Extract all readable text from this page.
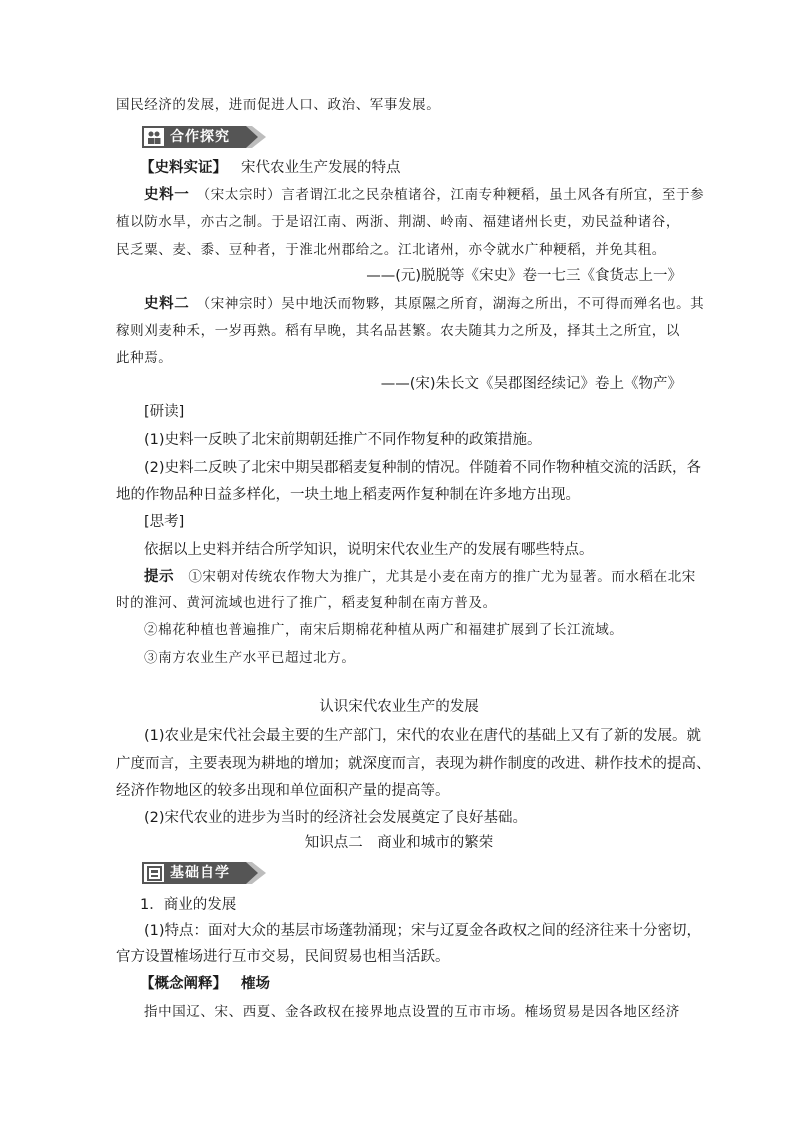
国民经济的发展，进而促进人口、政治、军事发展。
合作探究
【史料实证】 宋代农业生产发展的特点
史料一　 （宋太宗时）言者谓江北之民杂植诸谷，江南专种粳稻，虽土风各有所宜，至于参
植以防水旱，亦古之制。于是诏江南、两浙、荆湖、岭南、福建诸州长吏，劝民益种诸谷，
民乏粟、麦、黍、豆种者，于淮北州郡给之。江北诸州，亦令就水广种粳稻，并免其租。
——(元)脱脱等《宋史》卷一七三《食货志上一》
史料二　 （宋神宗时）吴中地沃而物夥，其原隰之所育，湖海之所出，不可得而殚名也。其
稼则刈麦种禾，一岁再熟。稻有早晚，其名品甚繁。农夫随其力之所及，择其土之所宜，以
此种焉。
——(宋)朱长文《吴郡图经续记》卷上《物产》
[研读]
(1)史料一反映了北宋前期朝廷推广不同作物复种的政策措施。
(2)史料二反映了北宋中期吴郡稻麦复种制的情况。伴随着不同作物种植交流的活跃，各
地的作物品种日益多样化，一块土地上稻麦两作复种制在许多地方出现。
[思考]
依据以上史料并结合所学知识，说明宋代农业生产的发展有哪些特点。
提示　 ①宋朝对传统农作物大为推广，尤其是小麦在南方的推广尤为显著。而水稻在北宋
时的淮河、黄河流域也进行了推广，稻麦复种制在南方普及。
②棉花种植也普遍推广，南宋后期棉花种植从两广和福建扩展到了长江流域。
③南方农业生产水平已超过北方。
认识宋代农业生产的发展
(1)农业是宋代社会最主要的生产部门，宋代的农业在唐代的基础上又有了新的发展。就
广度而言，主要表现为耕地的增加；就深度而言，表现为耕作制度的改进、耕作技术的提高、
经济作物地区的较多出现和单位面积产量的提高等。
(2)宋代农业的进步为当时的经济社会发展奠定了良好基础。
知识点二　商业和城市的繁荣
基础自学
1．商业的发展
(1)特点：面对大众的基层市场蓬勃涌现；宋与辽夏金各政权之间的经济往来十分密切，
官方设置榷场进行互市交易，民间贸易也相当活跃。
【概念阐释】 榷场
指中国辽、宋、西夏、金各政权在接界地点设置的互市市场。榷场贸易是因各地区经济
